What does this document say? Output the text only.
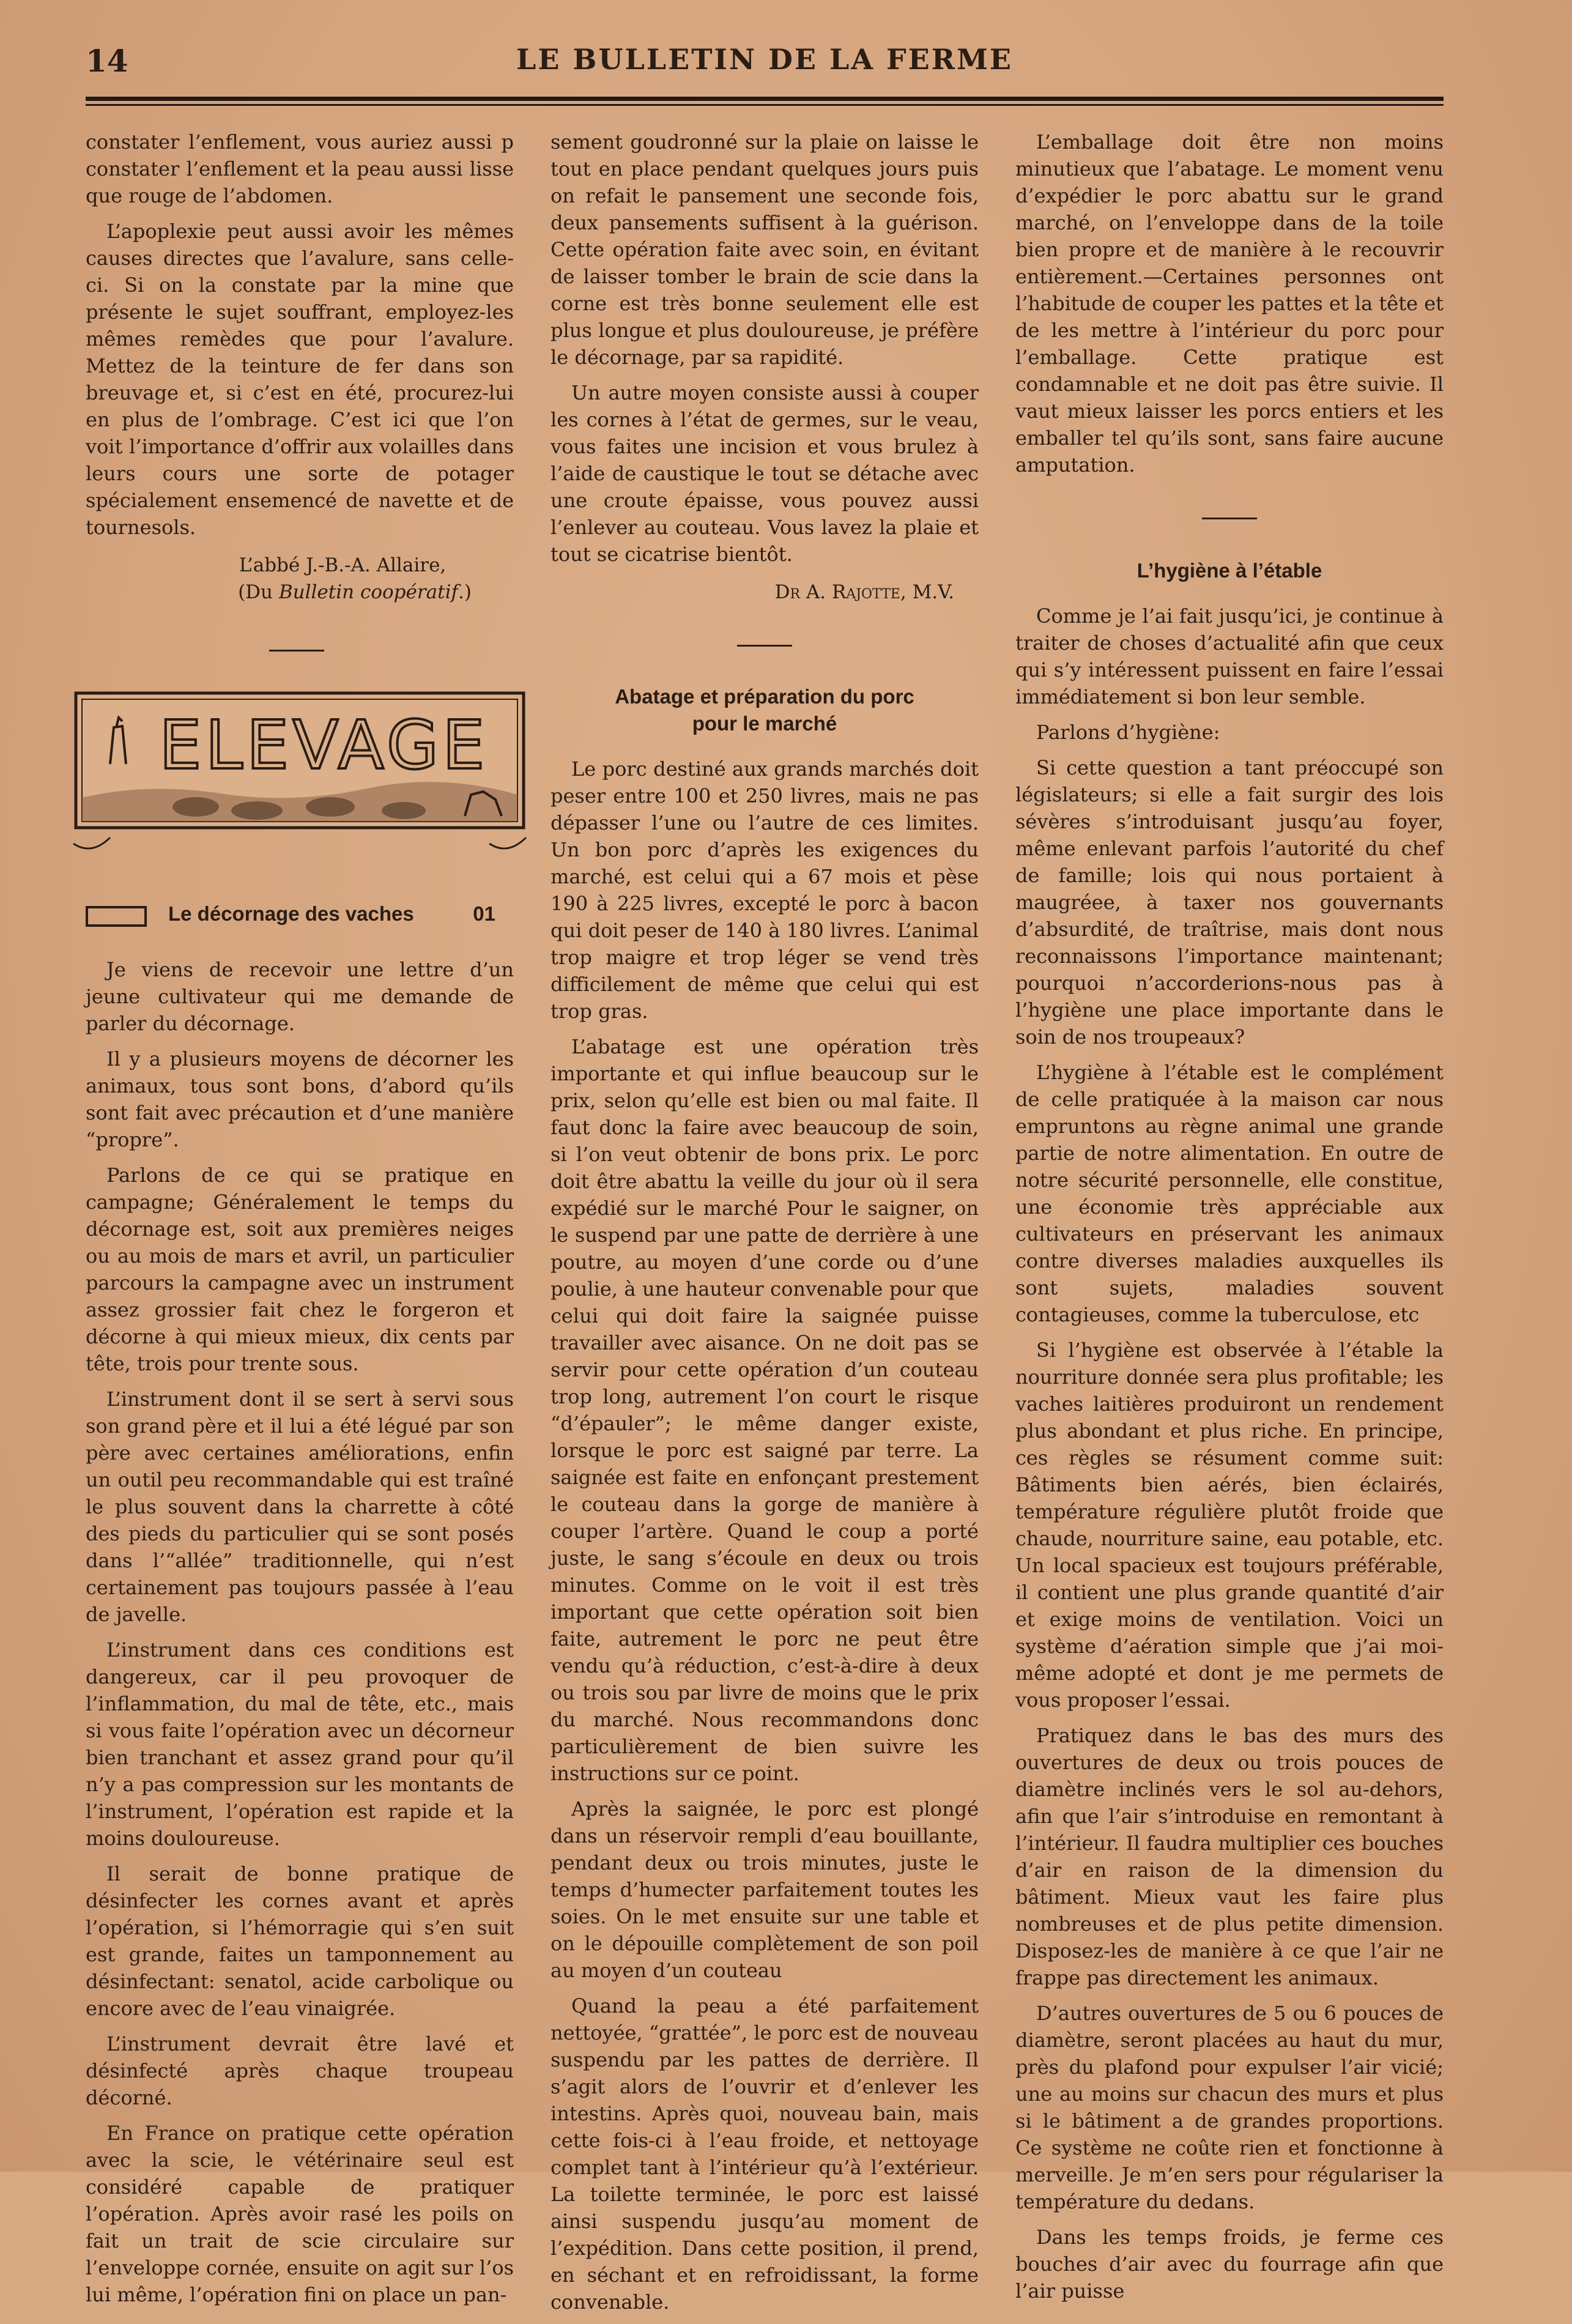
14	LE BULLETIN DE LA FERME

constater l’enflement, vous auriez aussi p constater l’enflement et la peau aussi lisse que rouge de l’abdomen.

L’apoplexie peut aussi avoir les mêmes causes directes que l’avalure, sans celle-ci. Si on la constate par la mine que présente le sujet souffrant, employez-les mêmes remèdes que pour l’avalure. Mettez de la teinture de fer dans son breuvage et, si c’est en été, procurez-lui en plus de l’ombrage. C’est ici que l’on voit l’importance d’offrir aux volailles dans leurs cours une sorte de potager spécialement ensemencé de navette et de tournesols.

L’abbé J.-B.-A. Allaire,
(Du Bulletin coopératif.)
ELEVAGE
Le décornage des vaches	01

Je viens de recevoir une lettre d’un jeune cultivateur qui me demande de parler du décornage.

Il y a plusieurs moyens de décorner les animaux, tous sont bons, d’abord qu’ils sont fait avec précaution et d’une manière “propre”.

Parlons de ce qui se pratique en campagne; Généralement le temps du décornage est, soit aux premières neiges ou au mois de mars et avril, un particulier parcours la campagne avec un instrument assez grossier fait chez le forgeron et décorne à qui mieux mieux, dix cents par tête, trois pour trente sous.

L’instrument dont il se sert à servi sous son grand père et il lui a été légué par son père avec certaines améliorations, enfin un outil peu recommandable qui est traîné le plus souvent dans la charrette à côté des pieds du particulier qui se sont posés dans l’“allée” traditionnelle, qui n’est certainement pas toujours passée à l’eau de javelle.

L’instrument dans ces conditions est dangereux, car il peu provoquer de l’inflammation, du mal de tête, etc., mais si vous faite l’opération avec un décorneur bien tranchant et assez grand pour qu’il n’y a pas compression sur les montants de l’instrument, l’opération est rapide et la moins douloureuse.

Il serait de bonne pratique de désinfecter les cornes avant et après l’opération, si l’hémorragie qui s’en suit est grande, faites un tamponnement au désinfectant: senatol, acide carbolique ou encore avec de l’eau vinaigrée.

L’instrument devrait être lavé et désinfecté après chaque troupeau décorné.

En France on pratique cette opération avec la scie, le vétérinaire seul est considéré capable de pratiquer l’opération. Après avoir rasé les poils on fait un trait de scie circulaire sur l’enveloppe cornée, ensuite on agit sur l’os lui même, l’opération fini on place un pan-

sement goudronné sur la plaie on laisse le tout en place pendant quelques jours puis on refait le pansement une seconde fois, deux pansements suffisent à la guérison. Cette opération faite avec soin, en évitant de laisser tomber le brain de scie dans la corne est très bonne seulement elle est plus longue et plus douloureuse, je préfère le décornage, par sa rapidité.

Un autre moyen consiste aussi à couper les cornes à l’état de germes, sur le veau, vous faites une incision et vous brulez à l’aide de caustique le tout se détache avec une croute épaisse, vous pouvez aussi l’enlever au couteau. Vous lavez la plaie et tout se cicatrise bientôt.

Dr A. Rajotte, M.V.
Abatage et préparation du porc pour le marché

Le porc destiné aux grands marchés doit peser entre 100 et 250 livres, mais ne pas dépasser l’une ou l’autre de ces limites. Un bon porc d’après les exigences du marché, est celui qui a 67 mois et pèse 190 à 225 livres, excepté le porc à bacon qui doit peser de 140 à 180 livres. L’animal trop maigre et trop léger se vend très difficilement de même que celui qui est trop gras.

L’abatage est une opération très importante et qui influe beaucoup sur le prix, selon qu’elle est bien ou mal faite. Il faut donc la faire avec beaucoup de soin, si l’on veut obtenir de bons prix. Le porc doit être abattu la veille du jour où il sera expédié sur le marché Pour le saigner, on le suspend par une patte de derrière à une poutre, au moyen d’une corde ou d’une poulie, à une hauteur convenable pour que celui qui doit faire la saignée puisse travailler avec aisance. On ne doit pas se servir pour cette opération d’un couteau trop long, autrement l’on court le risque “d’épauler”; le même danger existe, lorsque le porc est saigné par terre. La saignée est faite en enfonçant prestement le couteau dans la gorge de manière à couper l’artère. Quand le coup a porté juste, le sang s’écoule en deux ou trois minutes. Comme on le voit il est très important que cette opération soit bien faite, autrement le porc ne peut être vendu qu’à réduction, c’est-à-dire à deux ou trois sou par livre de moins que le prix du marché. Nous recommandons donc particulièrement de bien suivre les instructions sur ce point.

Après la saignée, le porc est plongé dans un réservoir rempli d’eau bouillante, pendant deux ou trois minutes, juste le temps d’humecter parfaitement toutes les soies. On le met ensuite sur une table et on le dépouille complètement de son poil au moyen d’un couteau

Quand la peau a été parfaitement nettoyée, “grattée”, le porc est de nouveau suspendu par les pattes de derrière. Il s’agit alors de l’ouvrir et d’enlever les intestins. Après quoi, nouveau bain, mais cette fois-ci à l’eau froide, et nettoyage complet tant à l’intérieur qu’à l’extérieur. La toilette terminée, le porc est laissé ainsi suspendu jusqu’au moment de l’expédition. Dans cette position, il prend, en séchant et en refroidissant, la forme convenable.

L’emballage doit être non moins minutieux que l’abatage. Le moment venu d’expédier le porc abattu sur le grand marché, on l’enveloppe dans de la toile bien propre et de manière à le recouvrir entièrement.—Certaines personnes ont l’habitude de couper les pattes et la tête et de les mettre à l’intérieur du porc pour l’emballage. Cette pratique est condamnable et ne doit pas être suivie. Il vaut mieux laisser les porcs entiers et les emballer tel qu’ils sont, sans faire aucune amputation.

L’hygiène à l’étable

Comme je l’ai fait jusqu’ici, je continue à traiter de choses d’actualité afin que ceux qui s’y intéressent puissent en faire l’essai immédiatement si bon leur semble.

Parlons d’hygiène:

Si cette question a tant préoccupé son législateurs; si elle a fait surgir des lois sévères s’introduisant jusqu’au foyer, même enlevant parfois l’autorité du chef de famille; lois qui nous portaient à maugréee, à taxer nos gouvernants d’absurdité, de traîtrise, mais dont nous reconnaissons l’importance maintenant; pourquoi n’accorderions-nous pas à l’hygiène une place importante dans le soin de nos troupeaux?

L’hygiène à l’étable est le complément de celle pratiquée à la maison car nous empruntons au règne animal une grande partie de notre alimentation. En outre de notre sécurité personnelle, elle constitue, une économie très appréciable aux cultivateurs en préservant les animaux contre diverses maladies auxquelles ils sont sujets, maladies souvent contagieuses, comme la tuberculose, etc

Si l’hygiène est observée à l’étable la nourriture donnée sera plus profitable; les vaches laitières produiront un rendement plus abondant et plus riche. En principe, ces règles se résument comme suit: Bâtiments bien aérés, bien éclairés, température régulière plutôt froide que chaude, nourriture saine, eau potable, etc. Un local spacieux est toujours préférable, il contient une plus grande quantité d’air et exige moins de ventilation. Voici un système d’aération simple que j’ai moi-même adopté et dont je me permets de vous proposer l’essai.

Pratiquez dans le bas des murs des ouvertures de deux ou trois pouces de diamètre inclinés vers le sol au-dehors, afin que l’air s’introduise en remontant à l’intérieur. Il faudra multiplier ces bouches d’air en raison de la dimension du bâtiment. Mieux vaut les faire plus nombreuses et de plus petite dimension. Disposez-les de manière à ce que l’air ne frappe pas directement les animaux.

D’autres ouvertures de 5 ou 6 pouces de diamètre, seront placées au haut du mur, près du plafond pour expulser l’air vicié; une au moins sur chacun des murs et plus si le bâtiment a de grandes proportions. Ce système ne coûte rien et fonctionne à merveille. Je m’en sers pour régulariser la température du dedans.

Dans les temps froids, je ferme ces bouches d’air avec du fourrage afin que l’air puisse
